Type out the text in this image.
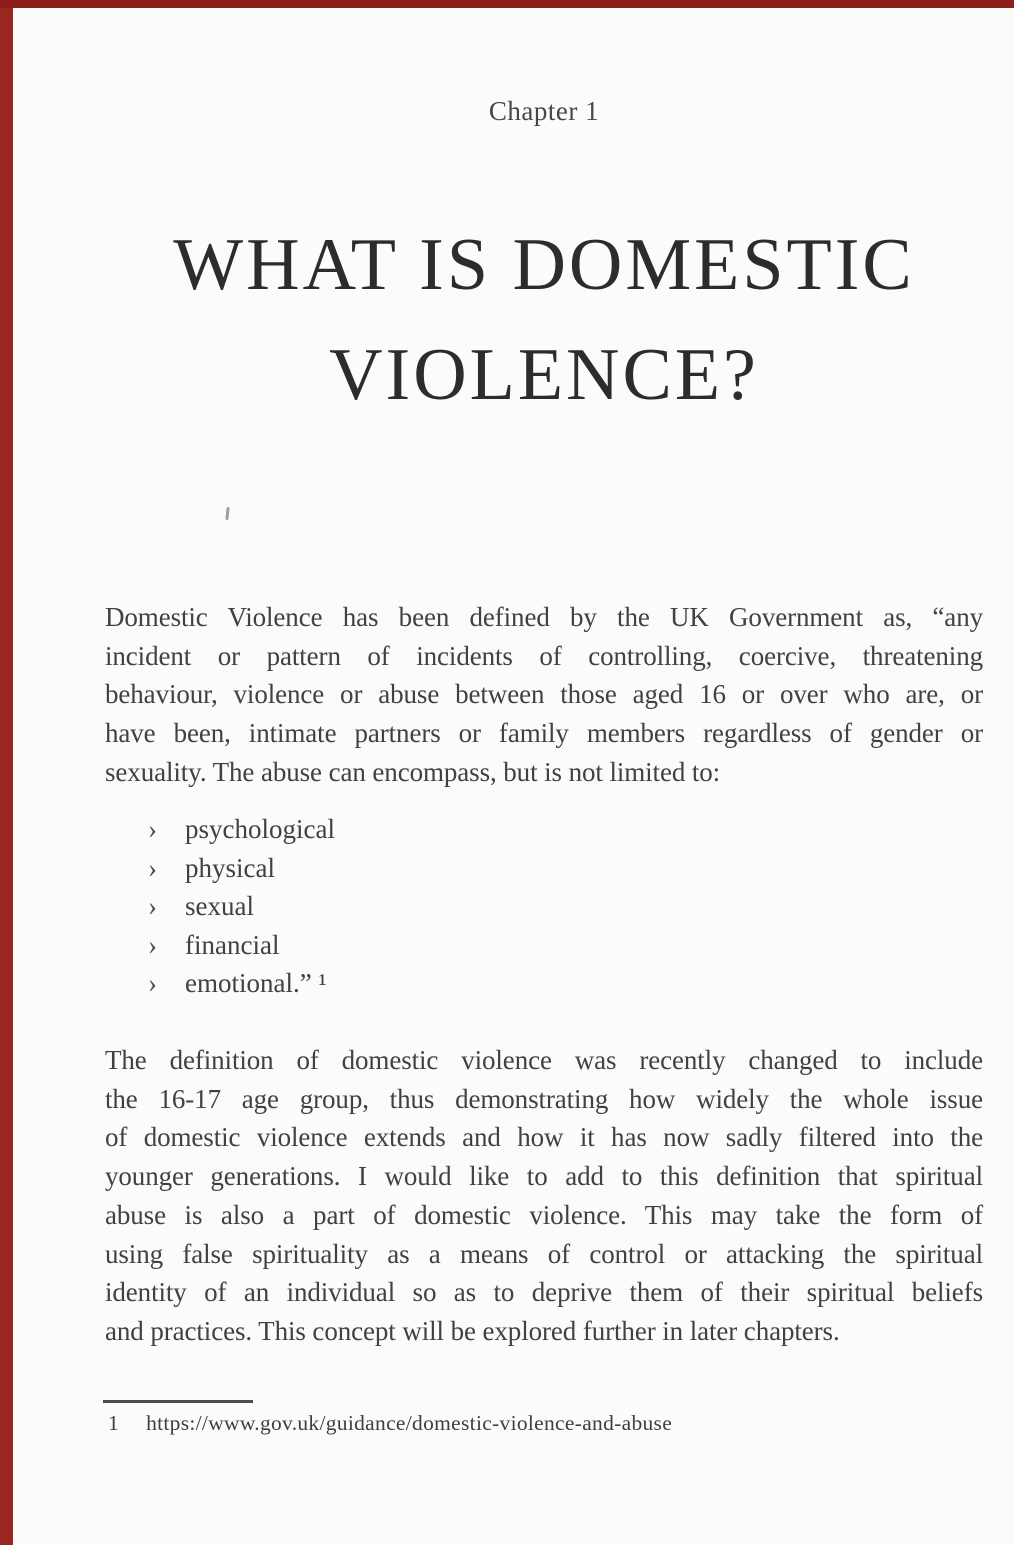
Chapter 1
WHAT IS DOMESTIC
VIOLENCE?
Domestic Violence has been defined by the UK Government as, “any
incident or pattern of incidents of controlling, coercive, threatening
behaviour, violence or abuse between those aged 16 or over who are, or
have been, intimate partners or family members regardless of gender or
sexuality. The abuse can encompass, but is not limited to:
›	psychological
›	physical
›	sexual
›	financial
›	emotional.” ¹
The definition of domestic violence was recently changed to include
the 16-17 age group, thus demonstrating how widely the whole issue
of domestic violence extends and how it has now sadly filtered into the
younger generations. I would like to add to this definition that spiritual
abuse is also a part of domestic violence. This may take the form of
using false spirituality as a means of control or attacking the spiritual
identity of an individual so as to deprive them of their spiritual beliefs
and practices. This concept will be explored further in later chapters.
1 https://www.gov.uk/guidance/domestic-violence-and-abuse
